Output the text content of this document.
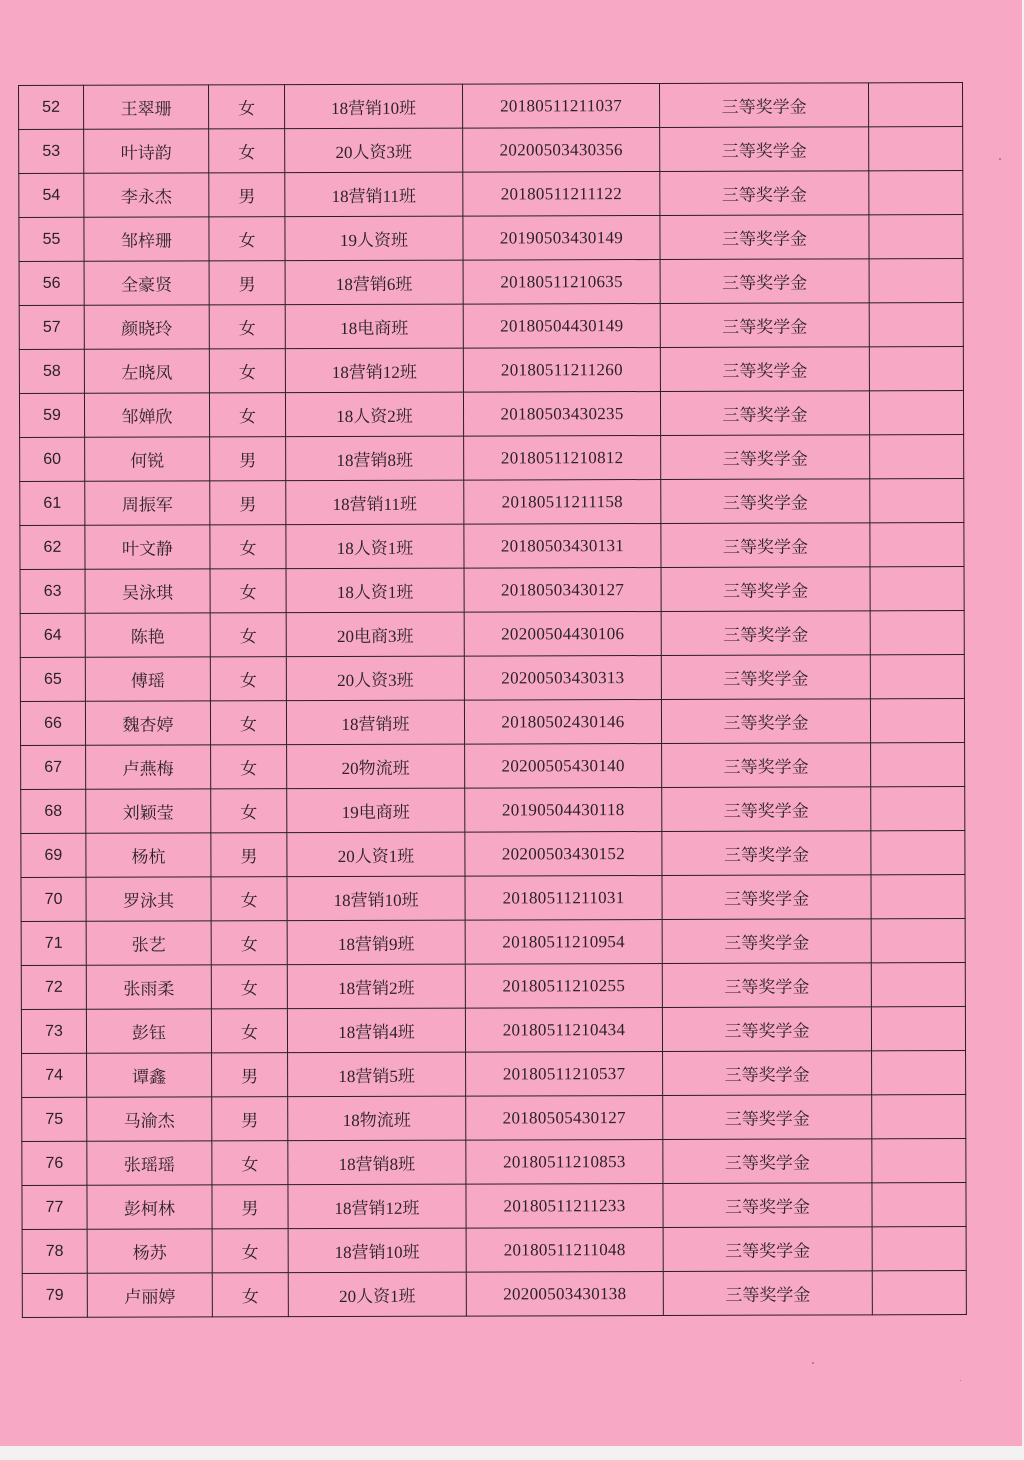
52	王翠珊	女	18营销10班	20180511211037	三等奖学金	
53	叶诗韵	女	20人资3班	20200503430356	三等奖学金	
54	李永杰	男	18营销11班	20180511211122	三等奖学金	
55	邹梓珊	女	19人资班	20190503430149	三等奖学金	
56	全豪贤	男	18营销6班	20180511210635	三等奖学金	
57	颜晓玲	女	18电商班	20180504430149	三等奖学金	
58	左晓凤	女	18营销12班	20180511211260	三等奖学金	
59	邹婵欣	女	18人资2班	20180503430235	三等奖学金	
60	何锐	男	18营销8班	20180511210812	三等奖学金	
61	周振军	男	18营销11班	20180511211158	三等奖学金	
62	叶文静	女	18人资1班	20180503430131	三等奖学金	
63	吴泳琪	女	18人资1班	20180503430127	三等奖学金	
64	陈艳	女	20电商3班	20200504430106	三等奖学金	
65	傅瑶	女	20人资3班	20200503430313	三等奖学金	
66	魏杏婷	女	18营销班	20180502430146	三等奖学金	
67	卢燕梅	女	20物流班	20200505430140	三等奖学金	
68	刘颖莹	女	19电商班	20190504430118	三等奖学金	
69	杨杭	男	20人资1班	20200503430152	三等奖学金	
70	罗泳其	女	18营销10班	20180511211031	三等奖学金	
71	张艺	女	18营销9班	20180511210954	三等奖学金	
72	张雨柔	女	18营销2班	20180511210255	三等奖学金	
73	彭钰	女	18营销4班	20180511210434	三等奖学金	
74	谭鑫	男	18营销5班	20180511210537	三等奖学金	
75	马渝杰	男	18物流班	20180505430127	三等奖学金	
76	张瑶瑶	女	18营销8班	20180511210853	三等奖学金	
77	彭柯林	男	18营销12班	20180511211233	三等奖学金	
78	杨苏	女	18营销10班	20180511211048	三等奖学金	
79	卢丽婷	女	20人资1班	20200503430138	三等奖学金	
